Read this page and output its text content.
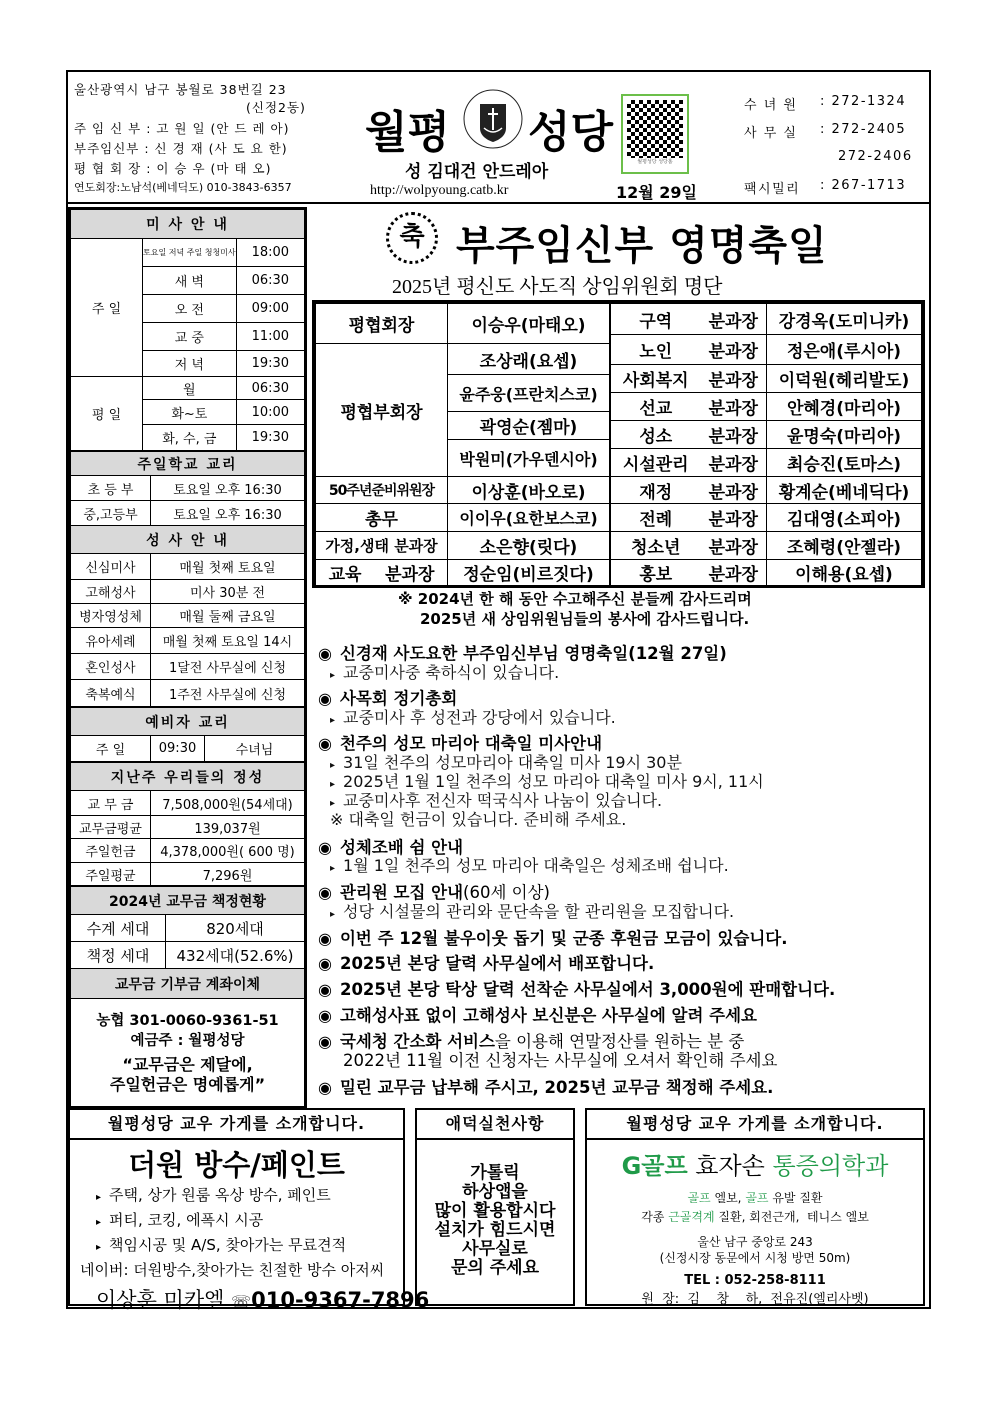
울산광역시 남구 봉월로 38번길 23
(신정2동)
주 임 신 부 : 고 원 일 (안 드 레 아)
부주임신부 : 신 경 재 (사 도 요 한)
평 협 회 장 : 이 승 우 (마 태 오)
연도회장:노남석(베네딕도) 010-3843-6357
월평 성당
성 김대건 안드레아
http://wolpyoung.catb.kr
월평성당 성당홈
12월 29일
수 녀 원 : 272-1324
사 무 실 : 272-2405
272-2406
팩시밀리 : 267-1713
미 사 안 내		
주 일	토요일 저녁 주일 청청미사	18:00
	새 벽	06:30
	오 전	09:00
	교 중	11:00
	저 녁	19:30
평 일	월	06:30
	화~토	10:00
	화, 수, 금	19:30
주일학교 교리	
초 등 부	토요일 오후 16:30
중,고등부	토요일 오후 16:30
성 사 안 내	
신심미사	매월 첫째 토요일
고해성사	미사 30분 전
병자영성체	매월 둘째 금요일
유아세례	매월 첫째 토요일 14시
혼인성사	1달전 사무실에 신청
축복예식	1주전 사무실에 신청
예비자 교리
주 일	09:30	수녀님
지난주 우리들의 정성	
교 무 금	7,508,000원(54세대)
교무금평균	139,037원
주일헌금	4,378,000원( 600 명)
주일평균	7,296원
2024년 교무금 책정현황	
수계 세대	820세대
책정 세대	432세대(52.6%)
교무금 기부금 계좌이체	

농협 301-0060-9361-51
예금주 : 월평성당
“교무금은 제달에,
주일헌금은 명예롭게”	
축 부주임신부 영명축일
2025년 평신도 사도직 상임위원회 명단
평협회장	이승우(마태오)
평협부회장	조상래(요셉)
	윤주웅(프란치스코)
	곽영순(젬마)
	박원미(가우덴시아)
50주년준비위원장	이상훈(바오로)
총무	이이우(요한보스코)
가정,생태 분과장	소은향(릿다)
교육    분과장	정순임(비르짓다)
구역	분과장	강경옥(도미니카)
노인	분과장	정은애(루시아)
사회복지	분과장	이덕원(헤리발도)
선교	분과장	안혜경(마리아)
성소	분과장	윤명숙(마리아)
시설관리	분과장	최승진(토마스)
재정	분과장	황계순(베네딕다)
전례	분과장	김대영(소피아)
청소년	분과장	조혜령(안젤라)
홍보	분과장	이해용(요셉)
※ 2024년 한 해 동안 수고해주신 분들께 감사드리며
2025년 새 상임위원님들의 봉사에 감사드립니다.
◉ 신경재 사도요한 부주임신부님 영명축일(12월 27일)
▸ 교중미사중 축하식이 있습니다.
◉ 사목회 정기총회
▸ 교중미사 후 성전과 강당에서 있습니다.
◉ 천주의 성모 마리아 대축일 미사안내
▸ 31일 천주의 성모마리아 대축일 미사 19시 30분
▸ 2025년 1월 1일 천주의 성모 마리아 대축일 미사 9시, 11시
▸ 교중미사후 전신자 떡국식사 나눔이 있습니다.
※ 대축일 헌금이 있습니다. 준비해 주세요.
◉ 성체조배 쉼 안내
▸ 1월 1일 천주의 성모 마리아 대축일은 성체조배 쉽니다.
◉ 관리원 모집 안내(60세 이상)
▸ 성당 시설물의 관리와 문단속을 할 관리원을 모집합니다.
◉ 이번 주 12월 불우이웃 돕기 및 군종 후원금 모금이 있습니다.
◉ 2025년 본당 달력 사무실에서 배포합니다.
◉ 2025년 본당 탁상 달력 선착순 사무실에서 3,000원에 판매합니다.
◉ 고해성사표 없이 고해성사 보신분은 사무실에 알려 주세요
◉ 국세청 간소화 서비스을 이용해 연말정산를 원하는 분 중
2022년 11월 이전 신청자는 사무실에 오셔서 확인해 주세요
◉ 밀린 교무금 납부해 주시고, 2025년 교무금 책정해 주세요.
월평성당 교우 가게를 소개합니다.
더원 방수/페인트
▸ 주택, 상가 원룸 옥상 방수, 페인트
▸ 퍼티, 코킹, 에폭시 시공
▸ 책임시공 및 A/S, 찾아가는 무료견적
네이버: 더원방수,찾아가는 친절한 방수 아저씨
이상훈 미카엘 ☏010-9367-7896
애덕실천사항
가톨릭
하상앱을
많이 활용합시다
설치가 힘드시면
사무실로
문의 주세요
월평성당 교우 가게를 소개합니다.
G골프 효자손 통증의학과
골프 엘보, 골프 유발 질환
각종 근골격계 질환, 회전근개,  테니스 엘보
울산 남구 중앙로 243
(신정시장 동문에서 시청 방면 50m)
TEL : 052-258-8111
원  장:  김    창    하,  전유진(엘리사벳)
